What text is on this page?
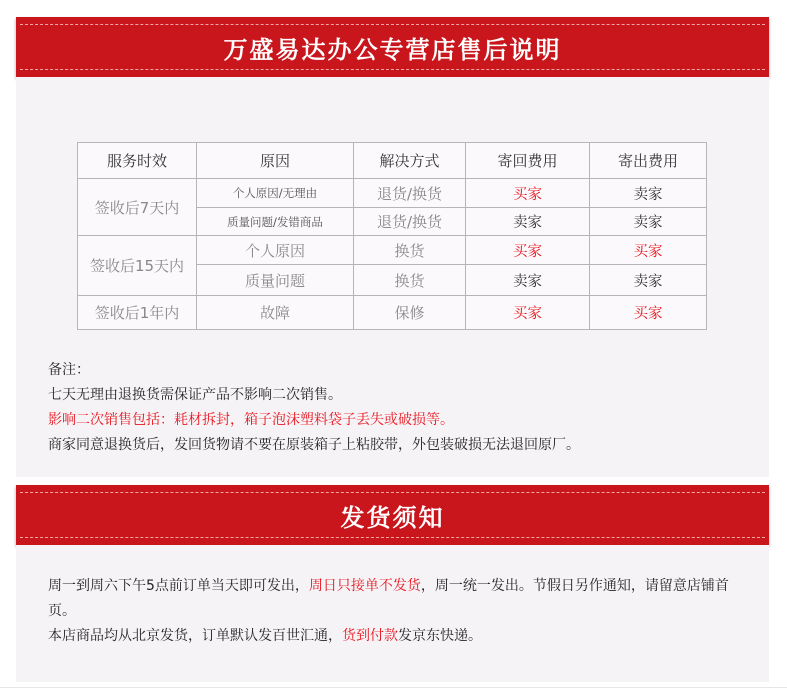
万盛易达办公专营店售后说明
服务时效	原因	解决方式	寄回费用	寄出费用
签收后7天内	个人原因/无理由	退货/换货	买家	卖家
	质量问题/发错商品	退货/换货	卖家	卖家
签收后15天内	个人原因	换货	买家	买家
	质量问题	换货	卖家	卖家
签收后1年内	故障	保修	买家	买家
备注：
七天无理由退换货需保证产品不影响二次销售。
影响二次销售包括：耗材拆封，箱子泡沫塑料袋子丢失或破损等。
商家同意退换货后，发回货物请不要在原装箱子上粘胶带，外包装破损无法退回原厂。
发货须知
周一到周六下午5点前订单当天即可发出，周日只接单不发货，周一统一发出。节假日另作通知，请留意店铺首页。
本店商品均从北京发货，订单默认发百世汇通，货到付款发京东快递。
